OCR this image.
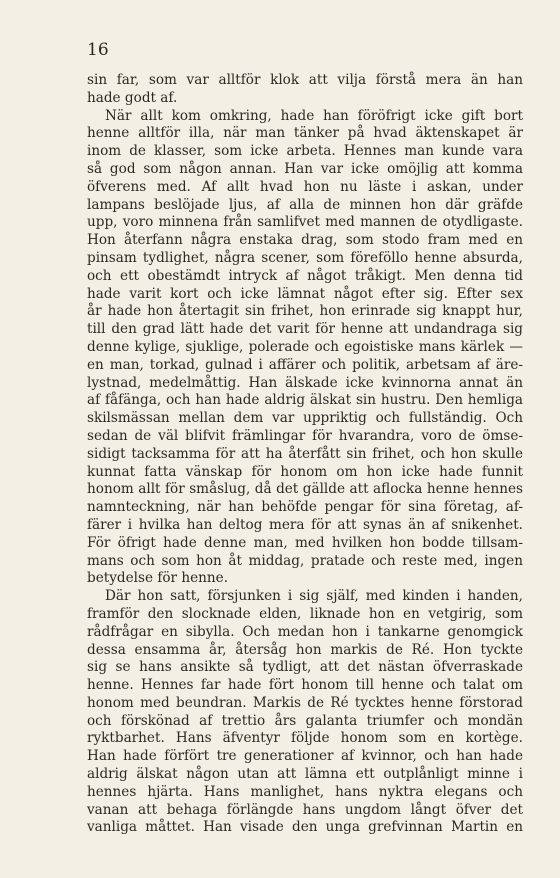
16
sin far, som var alltför klok att vilja förstå mera än han
hade godt af.
När allt kom omkring, hade han föröfrigt icke gift bort
henne alltför illa, när man tänker på hvad äktenskapet är
inom de klasser, som icke arbeta. Hennes man kunde vara
så god som någon annan. Han var icke omöjlig att komma
öfverens med. Af allt hvad hon nu läste i askan, under
lampans beslöjade ljus, af alla de minnen hon där gräfde
upp, voro minnena från samlifvet med mannen de otydligaste.
Hon återfann några enstaka drag, som stodo fram med en
pinsam tydlighet, några scener, som föreföllo henne absurda,
och ett obestämdt intryck af något tråkigt. Men denna tid
hade varit kort och icke lämnat något efter sig. Efter sex
år hade hon återtagit sin frihet, hon erinrade sig knappt hur,
till den grad lätt hade det varit för henne att undandraga sig
denne kylige, sjuklige, polerade och egoistiske mans kärlek —
en man, torkad, gulnad i affärer och politik, arbetsam af äre-
lystnad, medelmåttig. Han älskade icke kvinnorna annat än
af fåfänga, och han hade aldrig älskat sin hustru. Den hemliga
skilsmässan mellan dem var uppriktig och fullständig. Och
sedan de väl blifvit främlingar för hvarandra, voro de ömse-
sidigt tacksamma för att ha återfått sin frihet, och hon skulle
kunnat fatta vänskap för honom om hon icke hade funnit
honom allt för småslug, då det gällde att aflocka henne hennes
namnteckning, när han behöfde pengar för sina företag, af-
färer i hvilka han deltog mera för att synas än af snikenhet.
För öfrigt hade denne man, med hvilken hon bodde tillsam-
mans och som hon åt middag, pratade och reste med, ingen
betydelse för henne.
Där hon satt, försjunken i sig själf, med kinden i handen,
framför den slocknade elden, liknade hon en vetgirig, som
rådfrågar en sibylla. Och medan hon i tankarne genomgick
dessa ensamma år, återsåg hon markis de Ré. Hon tyckte
sig se hans ansikte så tydligt, att det nästan öfverraskade
henne. Hennes far hade fört honom till henne och talat om
honom med beundran. Markis de Ré tycktes henne förstorad
och förskönad af trettio års galanta triumfer och mondän
ryktbarhet. Hans äfventyr följde honom som en kortège.
Han hade förfört tre generationer af kvinnor, och han hade
aldrig älskat någon utan att lämna ett outplånligt minne i
hennes hjärta. Hans manlighet, hans nyktra elegans och
vanan att behaga förlängde hans ungdom långt öfver det
vanliga måttet. Han visade den unga grefvinnan Martin en
